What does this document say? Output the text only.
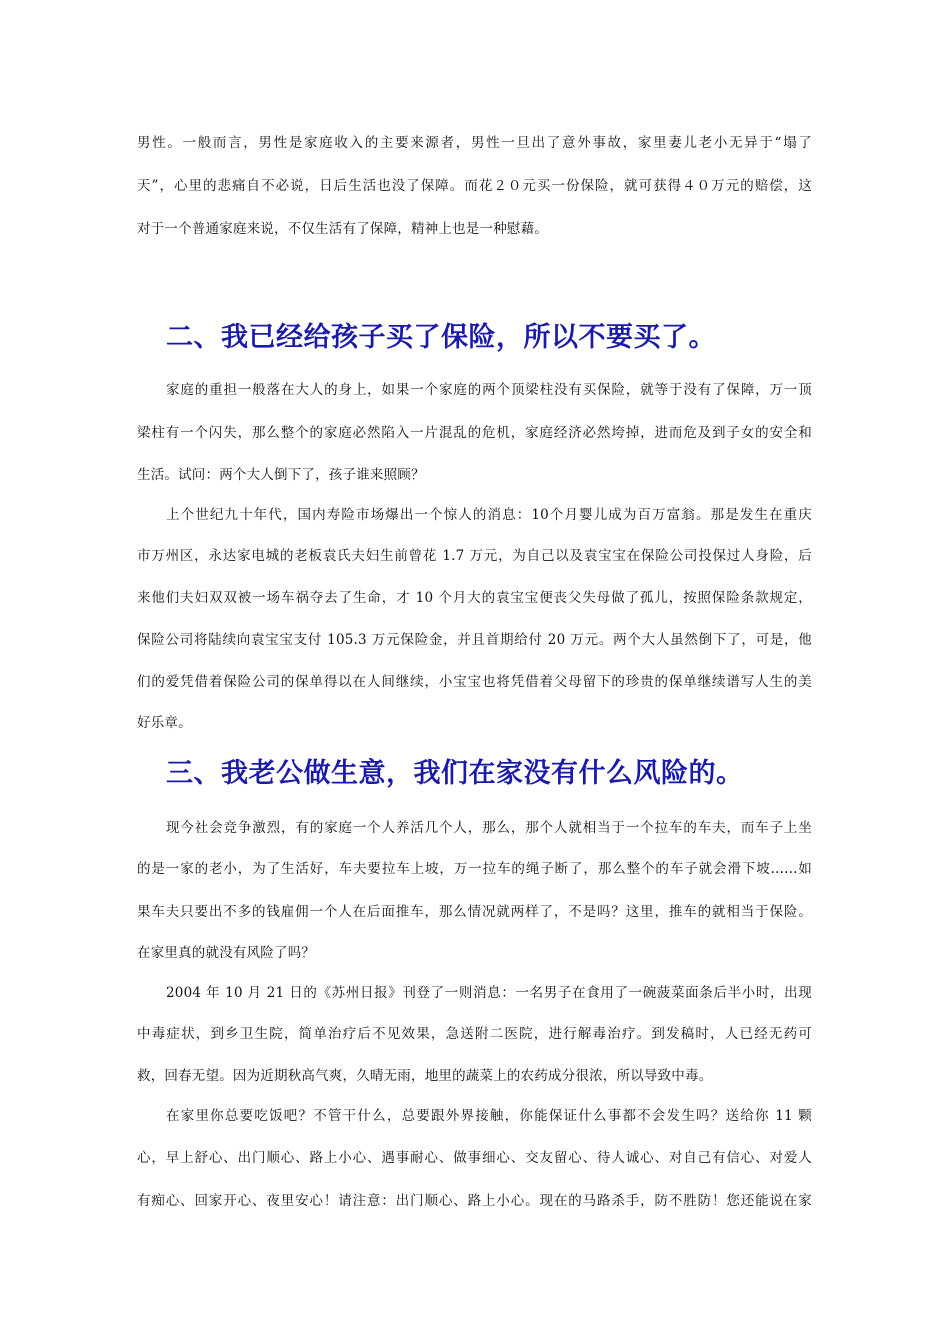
男性。一般而言，男性是家庭收入的主要来源者，男性一旦出了意外事故，家里妻儿老小无异于“塌了
天”，心里的悲痛自不必说，日后生活也没了保障。而花２０元买一份保险，就可获得４０万元的赔偿，这
对于一个普通家庭来说，不仅生活有了保障，精神上也是一种慰藉。
二、我已经给孩子买了保险，所以不要买了。
家庭的重担一般落在大人的身上，如果一个家庭的两个顶梁柱没有买保险，就等于没有了保障，万一顶
梁柱有一个闪失，那么整个的家庭必然陷入一片混乱的危机，家庭经济必然垮掉，进而危及到子女的安全和
生活。试问：两个大人倒下了，孩子谁来照顾？
上个世纪九十年代，国内寿险市场爆出一个惊人的消息：10个月婴儿成为百万富翁。那是发生在重庆
市万州区，永达家电城的老板袁氏夫妇生前曾花 1.7 万元，为自己以及袁宝宝在保险公司投保过人身险，后
来他们夫妇双双被一场车祸夺去了生命，才 10 个月大的袁宝宝便丧父失母做了孤儿，按照保险条款规定，
保险公司将陆续向袁宝宝支付 105.3 万元保险金，并且首期给付 20 万元。两个大人虽然倒下了，可是，他
们的爱凭借着保险公司的保单得以在人间继续，小宝宝也将凭借着父母留下的珍贵的保单继续谱写人生的美
好乐章。
三、我老公做生意，我们在家没有什么风险的。
现今社会竞争激烈，有的家庭一个人养活几个人，那么，那个人就相当于一个拉车的车夫，而车子上坐
的是一家的老小，为了生活好，车夫要拉车上坡，万一拉车的绳子断了，那么整个的车子就会滑下坡......如
果车夫只要出不多的钱雇佣一个人在后面推车，那么情况就两样了，不是吗？这里，推车的就相当于保险。
在家里真的就没有风险了吗？
2004 年 10 月 21 日的《苏州日报》刊登了一则消息：一名男子在食用了一碗菠菜面条后半小时，出现
中毒症状，到乡卫生院，简单治疗后不见效果，急送附二医院，进行解毒治疗。到发稿时，人已经无药可
救，回春无望。因为近期秋高气爽，久晴无雨，地里的蔬菜上的农药成分很浓，所以导致中毒。
在家里你总要吃饭吧？不管干什么，总要跟外界接触，你能保证什么事都不会发生吗？送给你 11 颗
心，早上舒心、出门顺心、路上小心、遇事耐心、做事细心、交友留心、待人诚心、对自己有信心、对爱人
有痴心、回家开心、夜里安心！请注意：出门顺心、路上小心。现在的马路杀手，防不胜防！您还能说在家
